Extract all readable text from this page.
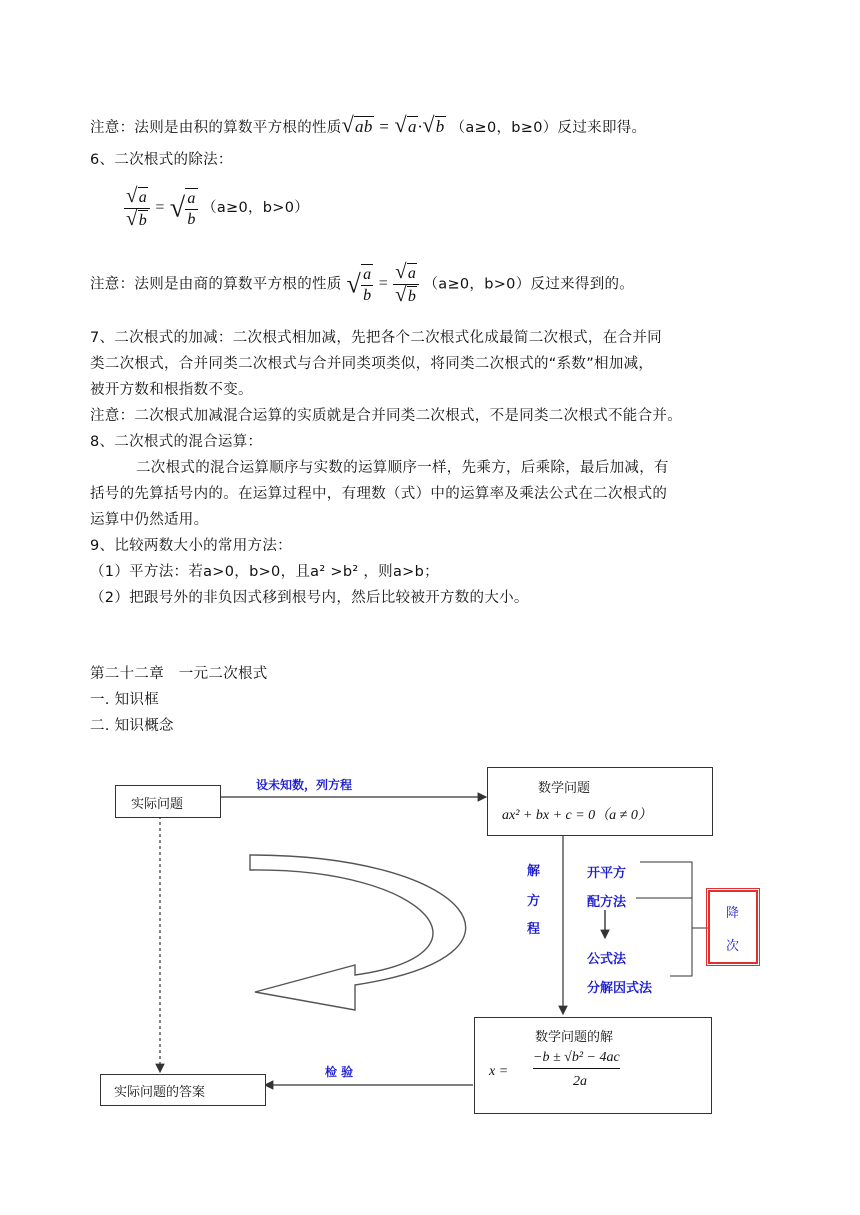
注意：法则是由积的算数平方根的性质√ab = √a·√b （a≥0，b≥0）反过来即得。
6、二次根式的除法：
$\frac{√a}{√b}$ = √ $\frac{a}{b} (a\ge 0$，b>0）
注意：法则是由商的算数平方根的性质 √ $\frac{a}{b} = \frac{√a}{√b} (a\ge 0$，b>0）反过来得到的。
7、二次根式的加减：二次根式相加减，先把各个二次根式化成最简二次根式，在合并同
类二次根式，合并同类二次根式与合并同类项类似，将同类二次根式的“系数”相加减，
被开方数和根指数不变。
注意：二次根式加减混合运算的实质就是合并同类二次根式，不是同类二次根式不能合并。
8、二次根式的混合运算：
二次根式的混合运算顺序与实数的运算顺序一样，先乘方，后乘除，最后加减，有
括号的先算括号内的。在运算过程中，有理数（式）中的运算率及乘法公式在二次根式的
运算中仍然适用。
9、比较两数大小的常用方法：
（1）平方法：若a>0，b>0，且a² >b² ，则a>b；
（2）把跟号外的非负因式移到根号内，然后比较被开方数的大小。
第二十二章　一元二次根式
一. 知识框
二. 知识概念
实际问题
设未知数，列方程	数学问题
ax² + bx + c = 0（a ≠ 0）
解
方
程
开平方
配方法
公式法
分解因式法
降
次
数学问题的解
x =
−b ± √b² − 4ac
2a
检 验
实际问题的答案
